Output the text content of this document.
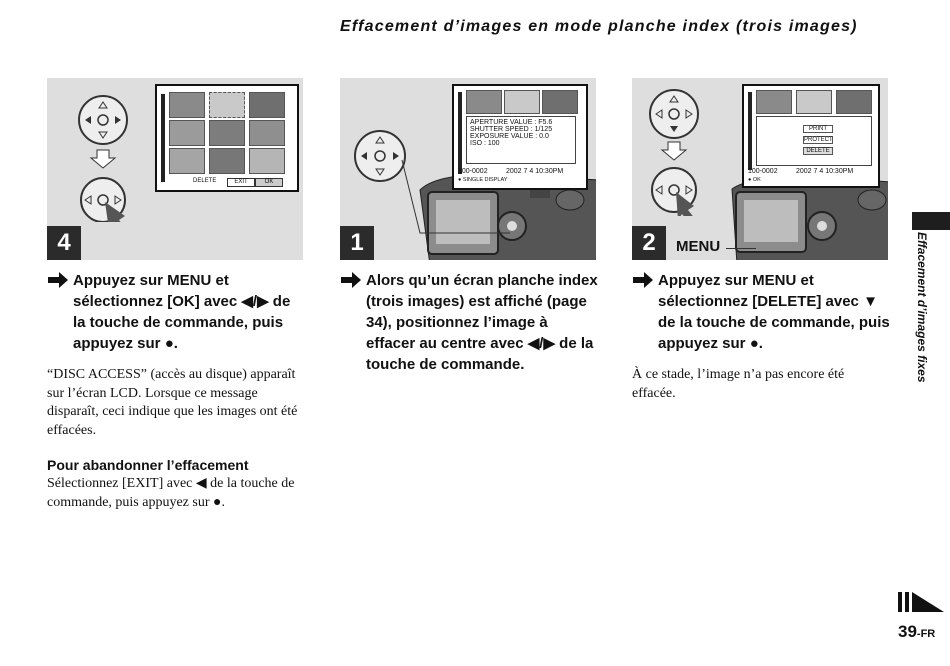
Effacement d’images en mode planche index (trois images)
DELETE	EXIT	OK
4
APERTURE VALUE : F5.6
SHUTTER SPEED : 1/125
EXPOSURE VALUE : 0.0
ISO : 100
100-0002	2002 7 4 10:30PM
● SINGLE DISPLAY
1
PRINT
PROTECT
DELETE
100-0002	2002 7 4 10:30PM
● OK
MENU
2
Appuyez sur MENU et sélectionnez [OK] avec ◀/▶ de la touche de commande, puis appuyez sur ●.
“DISC ACCESS” (accès au disque) apparaît sur l’écran LCD. Lorsque ce message disparaît, ceci indique que les images ont été effacées.
Pour abandonner l’effacement
Sélectionnez [EXIT] avec ◀ de la touche de commande, puis appuyez sur ●.
Alors qu’un écran planche index (trois images) est affiché (page 34), positionnez l’image à effacer au centre avec ◀/▶ de la touche de commande.
Appuyez sur MENU et sélectionnez [DELETE] avec ▼ de la touche de commande, puis appuyez sur ●.
À ce stade, l’image n’a pas encore été effacée.
Effacement d’images fixes
39-FR
